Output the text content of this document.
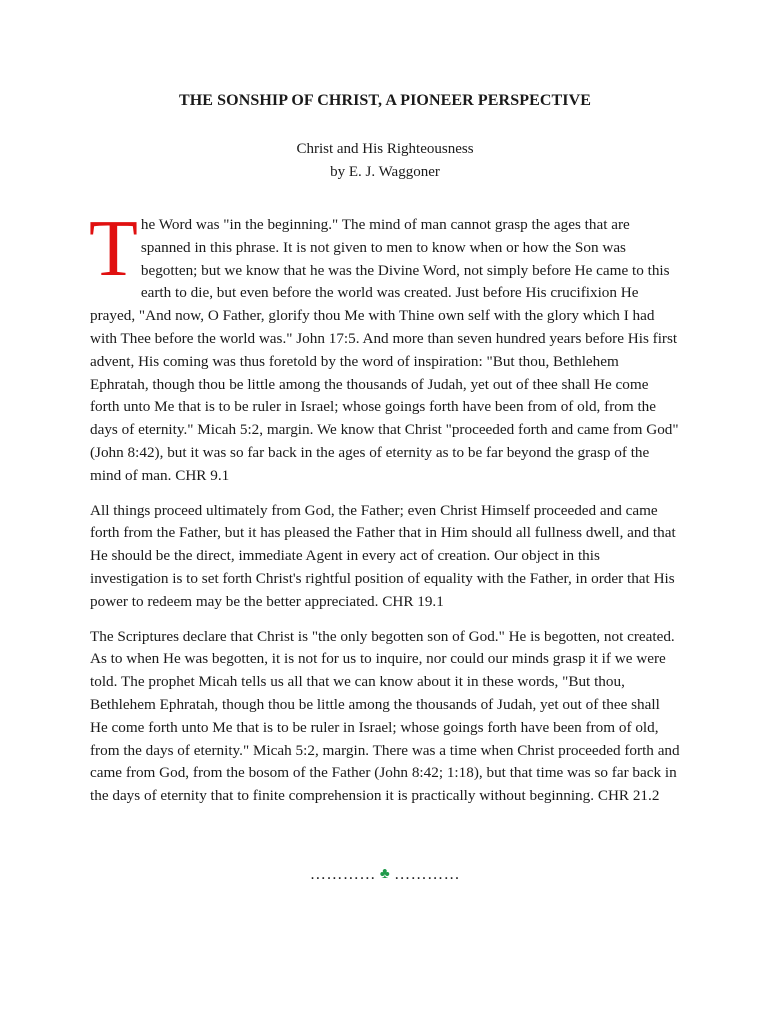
THE SONSHIP OF CHRIST, A PIONEER PERSPECTIVE
Christ and His Righteousness
by E. J. Waggoner

The Word was "in the beginning." The mind of man cannot grasp the ages that are spanned in this phrase. It is not given to men to know when or how the Son was begotten; but we know that he was the Divine Word, not simply before He came to this earth to die, but even before the world was created. Just before His crucifixion He prayed, "And now, O Father, glorify thou Me with Thine own self with the glory which I had with Thee before the world was." John 17:5. And more than seven hundred years before His first advent, His coming was thus foretold by the word of inspiration: "But thou, Bethlehem Ephratah, though thou be little among the thousands of Judah, yet out of thee shall He come forth unto Me that is to be ruler in Israel; whose goings forth have been from of old, from the days of eternity." Micah 5:2, margin. We know that Christ "proceeded forth and came from God" (John 8:42), but it was so far back in the ages of eternity as to be far beyond the grasp of the mind of man. CHR 9.1

All things proceed ultimately from God, the Father; even Christ Himself proceeded and came forth from the Father, but it has pleased the Father that in Him should all fullness dwell, and that He should be the direct, immediate Agent in every act of creation. Our object in this investigation is to set forth Christ's rightful position of equality with the Father, in order that His power to redeem may be the better appreciated. CHR 19.1

The Scriptures declare that Christ is "the only begotten son of God." He is begotten, not created. As to when He was begotten, it is not for us to inquire, nor could our minds grasp it if we were told. The prophet Micah tells us all that we can know about it in these words, "But thou, Bethlehem Ephratah, though thou be little among the thousands of Judah, yet out of thee shall He come forth unto Me that is to be ruler in Israel; whose goings forth have been from of old, from the days of eternity." Micah 5:2, margin. There was a time when Christ proceeded forth and came from God, from the bosom of the Father (John 8:42; 1:18), but that time was so far back in the days of eternity that to finite comprehension it is practically without beginning. CHR 21.2

………… ♣ …………
